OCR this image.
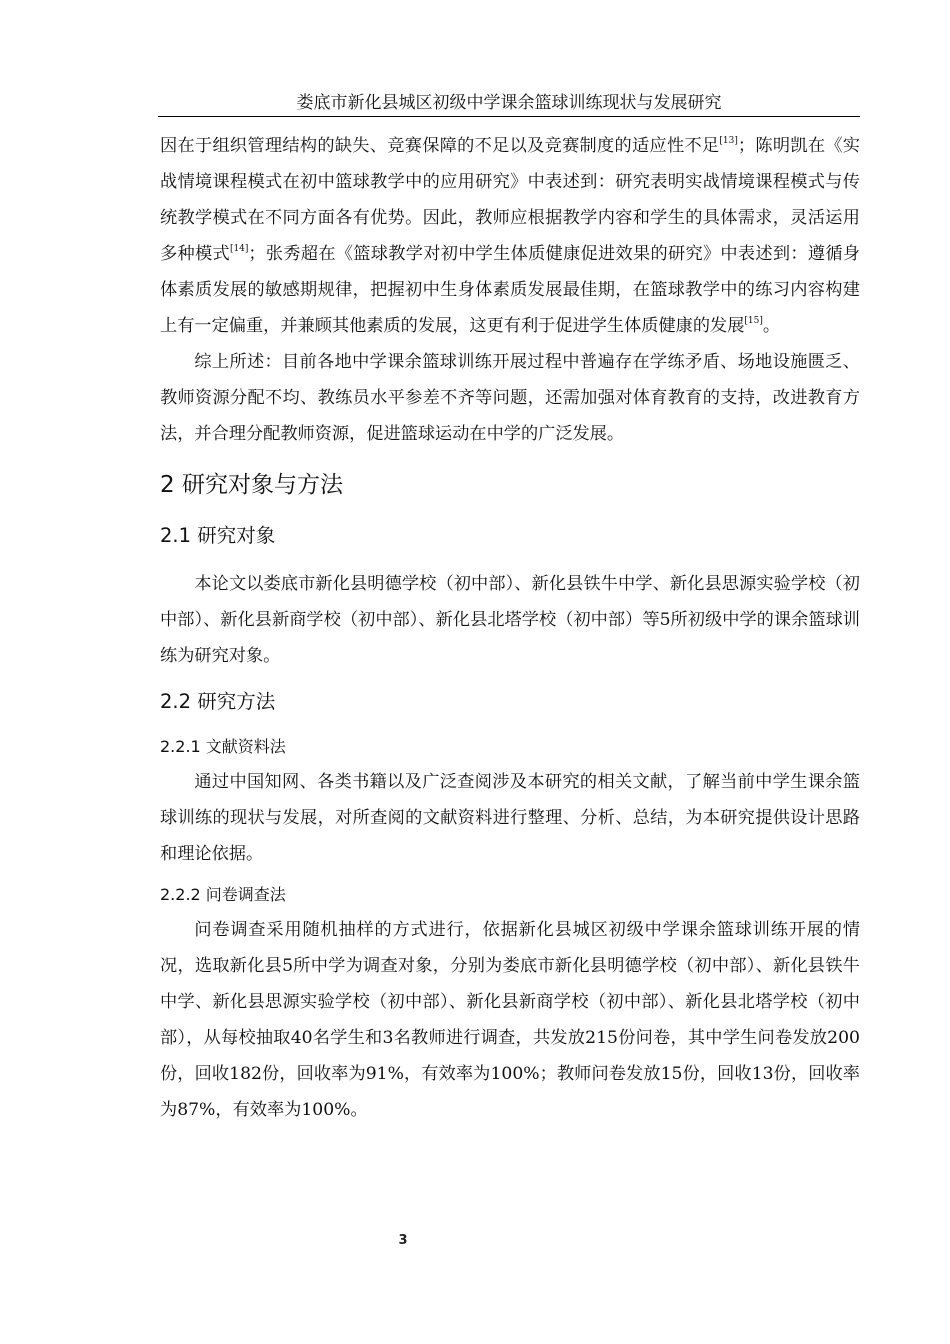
娄底市新化县城区初级中学课余篮球训练现状与发展研究

因在于组织管理结构的缺失、竞赛保障的不足以及竞赛制度的适应性不足[13]；陈明凯在《实战情境课程模式在初中篮球教学中的应用研究》中表述到：研究表明实战情境课程模式与传统教学模式在不同方面各有优势。因此，教师应根据教学内容和学生的具体需求，灵活运用多种模式[14]；张秀超在《篮球教学对初中学生体质健康促进效果的研究》中表述到：遵循身体素质发展的敏感期规律，把握初中生身体素质发展最佳期，在篮球教学中的练习内容构建上有一定偏重，并兼顾其他素质的发展，这更有利于促进学生体质健康的发展[15]。

综上所述：目前各地中学课余篮球训练开展过程中普遍存在学练矛盾、场地设施匮乏、教师资源分配不均、教练员水平参差不齐等问题，还需加强对体育教育的支持，改进教育方法，并合理分配教师资源，促进篮球运动在中学的广泛发展。

2 研究对象与方法
2.1 研究对象

本论文以娄底市新化县明德学校（初中部）、新化县铁牛中学、新化县思源实验学校（初中部）、新化县新商学校（初中部）、新化县北塔学校（初中部）等5所初级中学的课余篮球训练为研究对象。

2.2 研究方法
2.2.1 文献资料法

通过中国知网、各类书籍以及广泛查阅涉及本研究的相关文献，了解当前中学生课余篮球训练的现状与发展，对所查阅的文献资料进行整理、分析、总结，为本研究提供设计思路和理论依据。

2.2.2 问卷调查法

问卷调查采用随机抽样的方式进行，依据新化县城区初级中学课余篮球训练开展的情况，选取新化县5所中学为调查对象，分别为娄底市新化县明德学校（初中部）、新化县铁牛中学、新化县思源实验学校（初中部）、新化县新商学校（初中部）、新化县北塔学校（初中部），从每校抽取40名学生和3名教师进行调查，共发放215份问卷，其中学生问卷发放200份，回收182份，回收率为91%，有效率为100%；教师问卷发放15份，回收13份，回收率为87%，有效率为100%。

3
